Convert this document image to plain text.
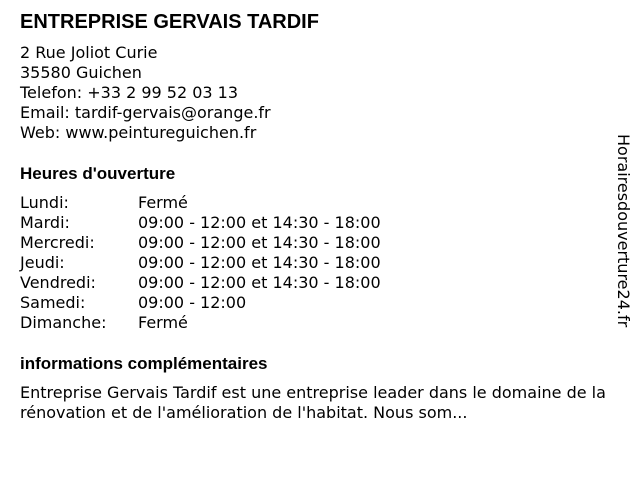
ENTREPRISE GERVAIS TARDIF
2 Rue Joliot Curie
35580 Guichen
Telefon: +33 2 99 52 03 13
Email: tardif-gervais@orange.fr
Web: www.peintureguichen.fr
Heures d'ouverture
Lundi:	Fermé
Mardi:	09:00 - 12:00 et 14:30 - 18:00
Mercredi:	09:00 - 12:00 et 14:30 - 18:00
Jeudi:	09:00 - 12:00 et 14:30 - 18:00
Vendredi:	09:00 - 12:00 et 14:30 - 18:00
Samedi:	09:00 - 12:00
Dimanche: Fermé
informations complémentaires

Entreprise Gervais Tardif est une entreprise leader dans le domaine de la rénovation et de l'amélioration de l'habitat. Nous som...

Horairesdouverture24.fr
